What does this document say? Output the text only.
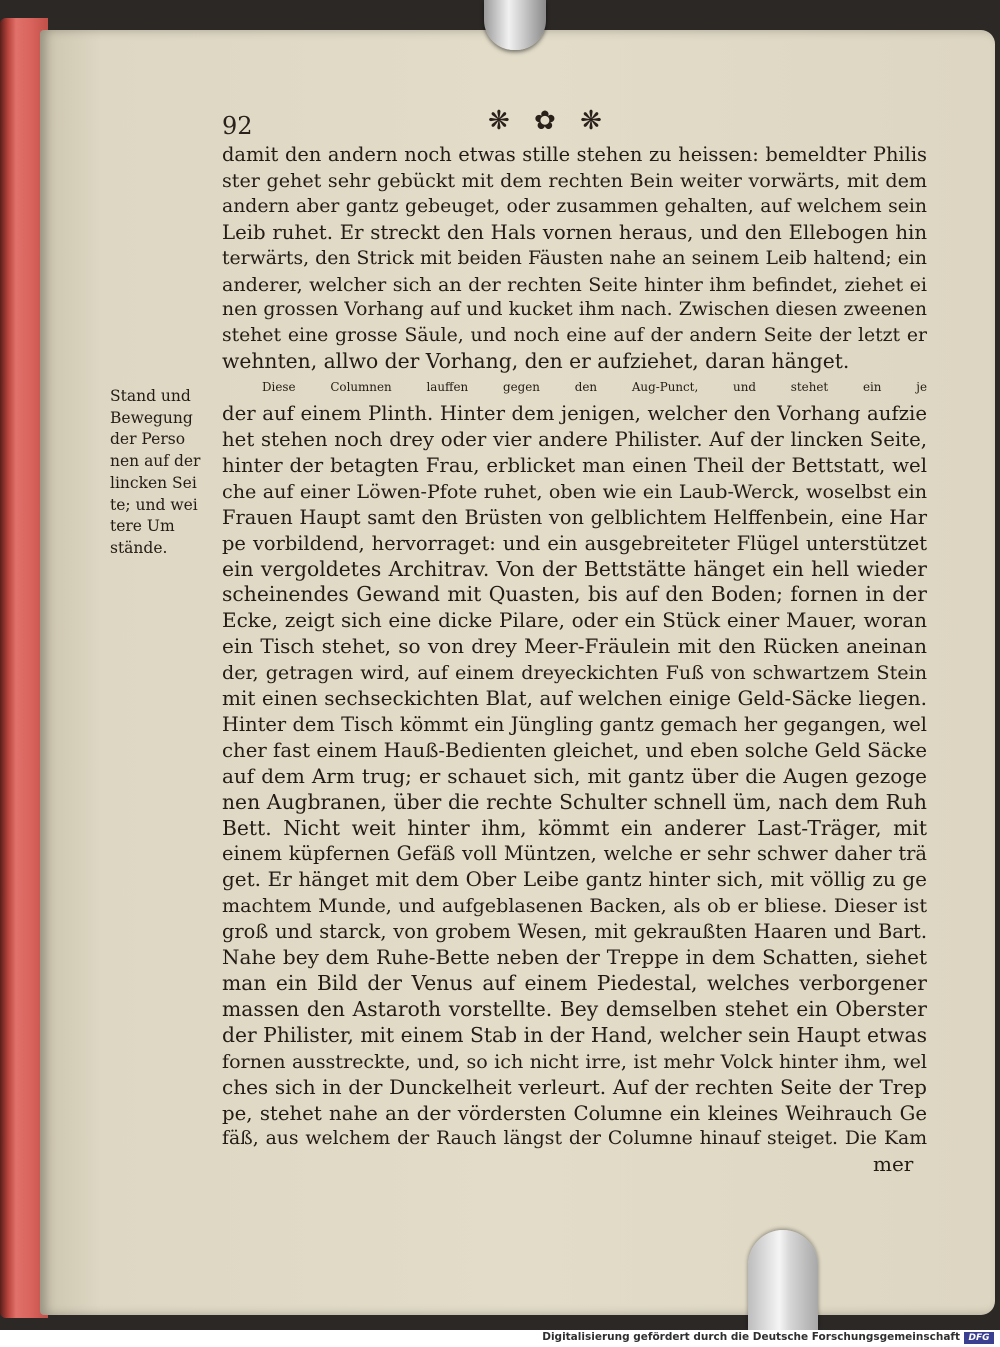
92	❋ ✿ ❋
Stand und
Bewegung
der Perso
nen auf der
lincken Sei
te; und wei
tere Um
stände.
damit den andern noch etwas stille stehen zu heissen: bemeldter Philis
ster gehet sehr gebückt mit dem rechten Bein weiter vorwärts, mit dem
andern aber gantz gebeuget, oder zusammen gehalten, auf welchem sein
Leib ruhet. Er streckt den Hals vornen heraus, und den Ellebogen hin
terwärts, den Strick mit beiden Fäusten nahe an seinem Leib haltend; ein
anderer, welcher sich an der rechten Seite hinter ihm befindet, ziehet ei
nen grossen Vorhang auf und kucket ihm nach. Zwischen diesen zweenen
stehet eine grosse Säule, und noch eine auf der andern Seite der letzt er
wehnten, allwo der Vorhang, den er aufziehet, daran hänget.
Diese Columnen lauffen gegen den Aug-Punct, und stehet ein je
der auf einem Plinth. Hinter dem jenigen, welcher den Vorhang aufzie
het stehen noch drey oder vier andere Philister. Auf der lincken Seite,
hinter der betagten Frau, erblicket man einen Theil der Bettstatt, wel
che auf einer Löwen-Pfote ruhet, oben wie ein Laub-Werck, woselbst ein
Frauen Haupt samt den Brüsten von gelblichtem Helffenbein, eine Har
pe vorbildend, hervorraget: und ein ausgebreiteter Flügel unterstützet
ein vergoldetes Architrav. Von der Bettstätte hänget ein hell wieder
scheinendes Gewand mit Quasten, bis auf den Boden; fornen in der
Ecke, zeigt sich eine dicke Pilare, oder ein Stück einer Mauer, woran
ein Tisch stehet, so von drey Meer-Fräulein mit den Rücken aneinan
der, getragen wird, auf einem dreyeckichten Fuß von schwartzem Stein
mit einen sechseckichten Blat, auf welchen einige Geld-Säcke liegen.
Hinter dem Tisch kömmt ein Jüngling gantz gemach her gegangen, wel
cher fast einem Hauß-Bedienten gleichet, und eben solche Geld Säcke
auf dem Arm trug; er schauet sich, mit gantz über die Augen gezoge
nen Augbranen, über die rechte Schulter schnell üm, nach dem Ruh
Bett. Nicht weit hinter ihm, kömmt ein anderer Last-Träger, mit
einem küpfernen Gefäß voll Müntzen, welche er sehr schwer daher trä
get. Er hänget mit dem Ober Leibe gantz hinter sich, mit völlig zu ge
machtem Munde, und aufgeblasenen Backen, als ob er bliese. Dieser ist
groß und starck, von grobem Wesen, mit gekraußten Haaren und Bart.
Nahe bey dem Ruhe-Bette neben der Treppe in dem Schatten, siehet
man ein Bild der Venus auf einem Piedestal, welches verborgener
massen den Astaroth vorstellte. Bey demselben stehet ein Oberster
der Philister, mit einem Stab in der Hand, welcher sein Haupt etwas
fornen ausstreckte, und, so ich nicht irre, ist mehr Volck hinter ihm, wel
ches sich in der Dunckelheit verleurt. Auf der rechten Seite der Trep
pe, stehet nahe an der vördersten Columne ein kleines Weihrauch Ge
fäß, aus welchem der Rauch längst der Columne hinauf steiget. Die Kam
mer
Digitalisierung gefördert durch die Deutsche Forschungsgemeinschaft DFG
